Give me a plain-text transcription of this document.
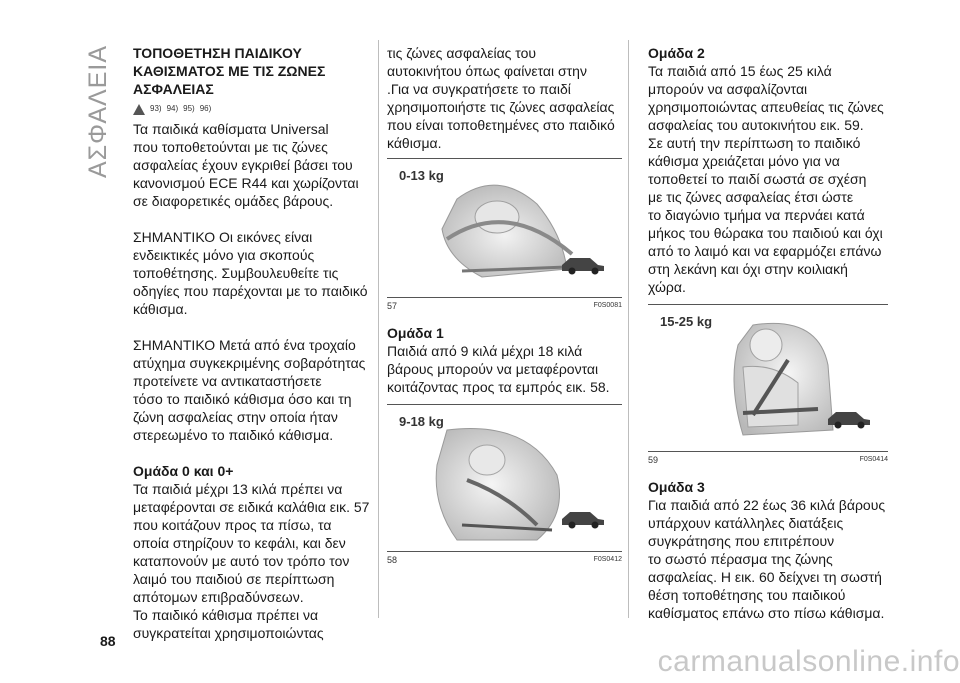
ΑΣΦΑΛΕΙΑ ΤΟΠΟΘΕΤΗΣΗ ΠΑΙΔΙΚΟΥ

ΚΑΘΙΣΜΑΤΟΣ ΜΕ ΤΙΣ ΖΩΝΕΣ

ΑΣΦΑΛΕΙΑΣ

93) 94) 95) 96)

Τα παιδικά καθίσματα Universal

που τοποθετούνται με τις ζώνες

ασφαλείας έχουν εγκριθεί βάσει του

κανονισμού ECE R44 και χωρίζονται

σε διαφορετικές ομάδες βάρους.

ΣΗΜΑΝΤΙΚΟ Οι εικόνες είναι

ενδεικτικές μόνο για σκοπούς

τοποθέτησης. Συμβουλευθείτε τις

οδηγίες που παρέχονται με το παιδικό

κάθισμα.

ΣΗΜΑΝΤΙΚΟ Μετά από ένα τροχαίο

ατύχημα συγκεκριμένης σοβαρότητας

προτείνετε να αντικαταστήσετε

τόσο το παιδικό κάθισμα όσο και τη

ζώνη ασφαλείας στην οποία ήταν

στερεωμένο το παιδικό κάθισμα.

Ομάδα 0 και 0+

Τα παιδιά μέχρι 13 κιλά πρέπει να

μεταφέρονται σε ειδικά καλάθια εικ. 57

που κοιτάζουν προς τα πίσω, τα

οποία στηρίζουν το κεφάλι, και δεν

καταπονούν με αυτό τον τρόπο τον

λαιμό του παιδιού σε περίπτωση

απότομων επιβραδύνσεων.

Το παιδικό κάθισμα πρέπει να

συγκρατείται χρησιμοποιώντας

τις ζώνες ασφαλείας του

αυτοκινήτου όπως φαίνεται στην

.Για να συγκρατήσετε το παιδί

χρησιμοποιήστε τις ζώνες ασφαλείας

που είναι τοποθετημένες στο παιδικό

κάθισμα.

0-13 kg
57	F0S0081

Ομάδα 1

Παιδιά από 9 κιλά μέχρι 18 κιλά

βάρους μπορούν να μεταφέρονται

κοιτάζοντας προς τα εμπρός εικ. 58.

9-18 kg
58	F0S0412

Ομάδα 2

Τα παιδιά από 15 έως 25 κιλά

μπορούν να ασφαλίζονται

χρησιμοποιώντας απευθείας τις ζώνες

ασφαλείας του αυτοκινήτου εικ. 59.

Σε αυτή την περίπτωση το παιδικό

κάθισμα χρειάζεται μόνο για να

τοποθετεί το παιδί σωστά σε σχέση

με τις ζώνες ασφαλείας έτσι ώστε

το διαγώνιο τμήμα να περνάει κατά

μήκος του θώρακα του παιδιού και όχι

από το λαιμό και να εφαρμόζει επάνω

στη λεκάνη και όχι στην κοιλιακή

χώρα.

15-25 kg
59	F0S0414

Ομάδα 3

Για παιδιά από 22 έως 36 κιλά βάρους

υπάρχουν κατάλληλες διατάξεις

συγκράτησης που επιτρέπουν

το σωστό πέρασμα της ζώνης

ασφαλείας. Η εικ. 60 δείχνει τη σωστή

θέση τοποθέτησης του παιδικού

καθίσματος επάνω στο πίσω κάθισμα.

88
carmanualsonline.info
